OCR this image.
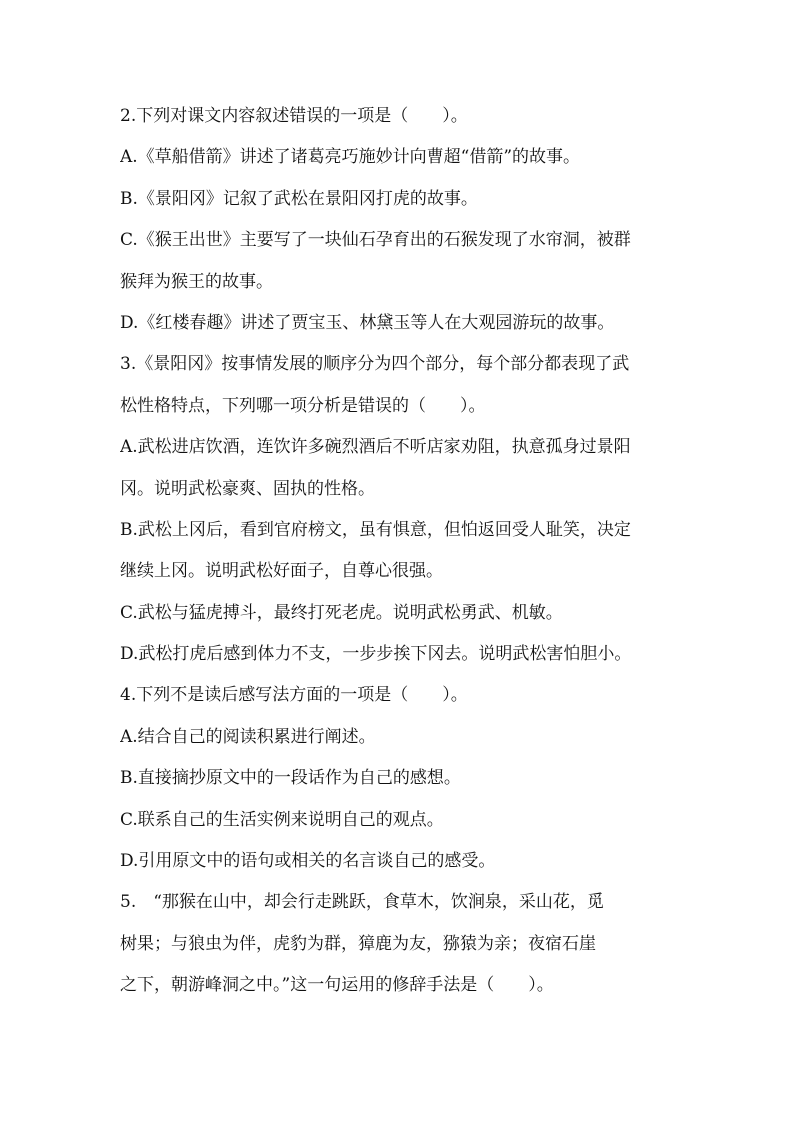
2.下列对课文内容叙述错误的一项是（　　）。
A.《草船借箭》讲述了诸葛亮巧施妙计向曹超“借箭”的故事。
B.《景阳冈》记叙了武松在景阳冈打虎的故事。
C.《猴王出世》主要写了一块仙石孕育出的石猴发现了水帘洞，被群
猴拜为猴王的故事。
D.《红楼春趣》讲述了贾宝玉、林黛玉等人在大观园游玩的故事。
3.《景阳冈》按事情发展的顺序分为四个部分，每个部分都表现了武
松性格特点，下列哪一项分析是错误的（　　）。
A.武松进店饮酒，连饮许多碗烈酒后不听店家劝阻，执意孤身过景阳
冈。说明武松豪爽、固执的性格。
B.武松上冈后，看到官府榜文，虽有惧意，但怕返回受人耻笑，决定
继续上冈。说明武松好面子，自尊心很强。
C.武松与猛虎搏斗，最终打死老虎。说明武松勇武、机敏。
D.武松打虎后感到体力不支，一步步挨下冈去。说明武松害怕胆小。
4.下列不是读后感写法方面的一项是（　　）。
A.结合自己的阅读积累进行阐述。
B.直接摘抄原文中的一段话作为自己的感想。
C.联系自己的生活实例来说明自己的观点。
D.引用原文中的语句或相关的名言谈自己的感受。
5.　“那猴在山中，却会行走跳跃，食草木，饮涧泉，采山花，觅
树果；与狼虫为伴，虎豹为群，獐鹿为友，猕猿为亲；夜宿石崖
之下，朝游峰洞之中。”这一句运用的修辞手法是（　　）。
